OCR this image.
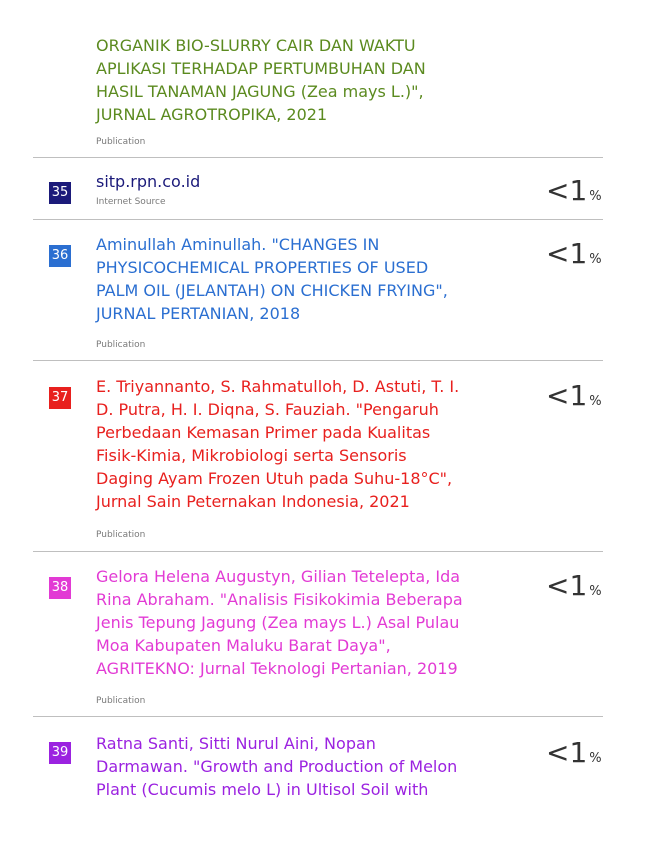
ORGANIK BIO-SLURRY CAIR DAN WAKTU
APLIKASI TERHADAP PERTUMBUHAN DAN
HASIL TANAMAN JAGUNG (Zea mays L.)",
JURNAL AGROTROPIKA, 2021
Publication
35
sitp.rpn.co.id
Internet Source	<1 %
36
Aminullah Aminullah. "CHANGES IN
PHYSICOCHEMICAL PROPERTIES OF USED
PALM OIL (JELANTAH) ON CHICKEN FRYING",
JURNAL PERTANIAN, 2018
Publication
<1 %
37
E. Triyannanto, S. Rahmatulloh, D. Astuti, T. I.
D. Putra, H. I. Diqna, S. Fauziah. "Pengaruh
Perbedaan Kemasan Primer pada Kualitas
Fisik-Kimia, Mikrobiologi serta Sensoris
Daging Ayam Frozen Utuh pada Suhu-18°C",
Jurnal Sain Peternakan Indonesia, 2021
Publication
<1 %
38
Gelora Helena Augustyn, Gilian Tetelepta, Ida
Rina Abraham. "Analisis Fisikokimia Beberapa
Jenis Tepung Jagung (Zea mays L.) Asal Pulau
Moa Kabupaten Maluku Barat Daya",
AGRITEKNO: Jurnal Teknologi Pertanian, 2019
Publication
<1 %
39 Ratna Santi, Sitti Nurul Aini, Nopan
Darmawan. "Growth and Production of Melon
Plant (Cucumis melo L) in Ultisol Soil with
<1 %
